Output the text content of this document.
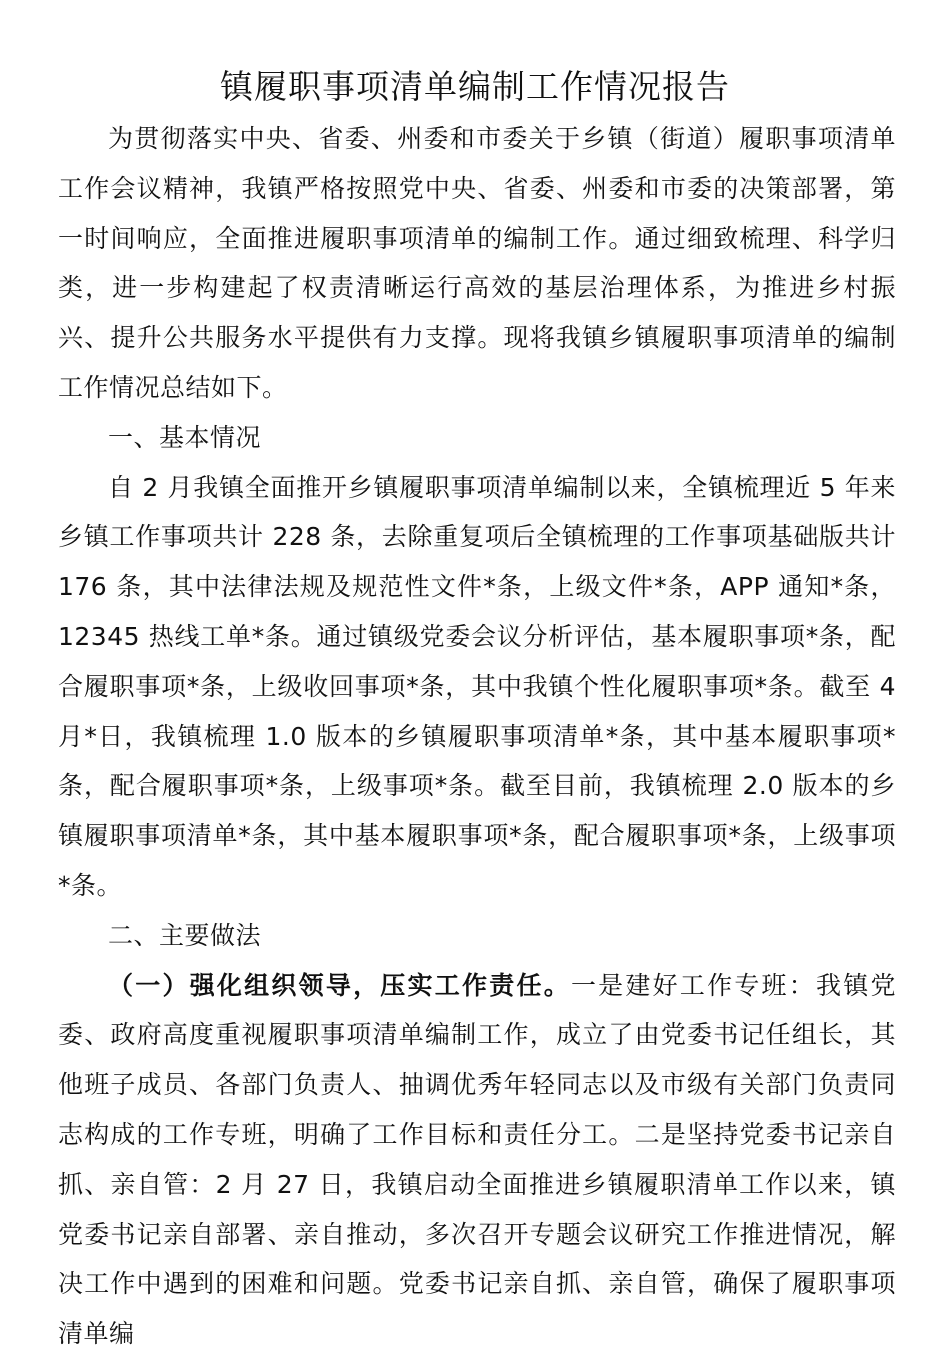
镇履职事项清单编制工作情况报告

为贯彻落实中央、省委、州委和市委关于乡镇（街道）履职事项清单工作会议精神，我镇严格按照党中央、省委、州委和市委的决策部署，第一时间响应，全面推进履职事项清单的编制工作。通过细致梳理、科学归类，进一步构建起了权责清晰运行高效的基层治理体系，为推进乡村振兴、提升公共服务水平提供有力支撑。现将我镇乡镇履职事项清单的编制工作情况总结如下。

一、基本情况

自 2 月我镇全面推开乡镇履职事项清单编制以来，全镇梳理近 5 年来乡镇工作事项共计 228 条，去除重复项后全镇梳理的工作事项基础版共计 176 条，其中法律法规及规范性文件*条，上级文件*条，APP 通知*条，12345 热线工单*条。通过镇级党委会议分析评估，基本履职事项*条，配合履职事项*条，上级收回事项*条，其中我镇个性化履职事项*条。截至 4 月*日，我镇梳理 1.0 版本的乡镇履职事项清单*条，其中基本履职事项*条，配合履职事项*条，上级事项*条。截至目前，我镇梳理 2.0 版本的乡镇履职事项清单*条，其中基本履职事项*条，配合履职事项*条，上级事项*条。

二、主要做法

（一）强化组织领导，压实工作责任。一是建好工作专班：我镇党委、政府高度重视履职事项清单编制工作，成立了由党委书记任组长，其他班子成员、各部门负责人、抽调优秀年轻同志以及市级有关部门负责同志构成的工作专班，明确了工作目标和责任分工。二是坚持党委书记亲自抓、亲自管：2 月 27 日，我镇启动全面推进乡镇履职清单工作以来，镇党委书记亲自部署、亲自推动，多次召开专题会议研究工作推进情况，解决工作中遇到的困难和问题。党委书记亲自抓、亲自管，确保了履职事项清单编
